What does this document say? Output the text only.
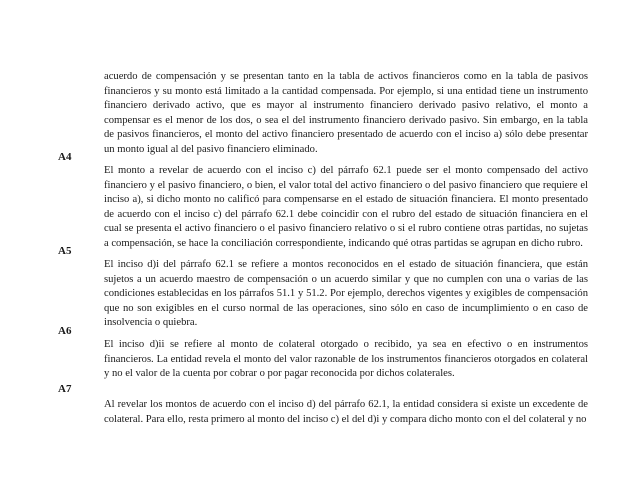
acuerdo de compensación y se presentan tanto en la tabla de activos financieros como en la tabla de pasivos financieros y su monto está limitado a la cantidad compensada. Por ejemplo, si una entidad tiene un instrumento financiero derivado activo, que es mayor al instrumento financiero derivado pasivo relativo, el monto a compensar es el menor de los dos, o sea el del instrumento financiero derivado pasivo. Sin embargo, en la tabla de pasivos financieros, el monto del activo financiero presentado de acuerdo con el inciso a) sólo debe presentar un monto igual al del pasivo financiero eliminado.
A4
El monto a revelar de acuerdo con el inciso c) del párrafo 62.1 puede ser el monto compensado del activo financiero y el pasivo financiero, o bien, el valor total del activo financiero o del pasivo financiero que requiere el inciso a), si dicho monto no calificó para compensarse en el estado de situación financiera. El monto presentado de acuerdo con el inciso c) del párrafo 62.1 debe coincidir con el rubro del estado de situación financiera en el cual se presenta el activo financiero o el pasivo financiero relativo o si el rubro contiene otras partidas, no sujetas a compensación, se hace la conciliación correspondiente, indicando qué otras partidas se agrupan en dicho rubro.
A5
El inciso d)i del párrafo 62.1 se refiere a montos reconocidos en el estado de situación financiera, que están sujetos a un acuerdo maestro de compensación o un acuerdo similar y que no cumplen con una o varias de las condiciones establecidas en los párrafos 51.1 y 51.2. Por ejemplo, derechos vigentes y exigibles de compensación que no son exigibles en el curso normal de las operaciones, sino sólo en caso de incumplimiento o en caso de insolvencia o quiebra.
A6
El inciso d)ii se refiere al monto de colateral otorgado o recibido, ya sea en efectivo o en instrumentos financieros. La entidad revela el monto del valor razonable de los instrumentos financieros otorgados en colateral y no el valor de la cuenta por cobrar o por pagar reconocida por dichos colaterales.
A7
Al revelar los montos de acuerdo con el inciso d) del párrafo 62.1, la entidad considera si existe un excedente de colateral. Para ello, resta primero al monto del inciso c) el del d)i y compara dicho monto con el del colateral y no
